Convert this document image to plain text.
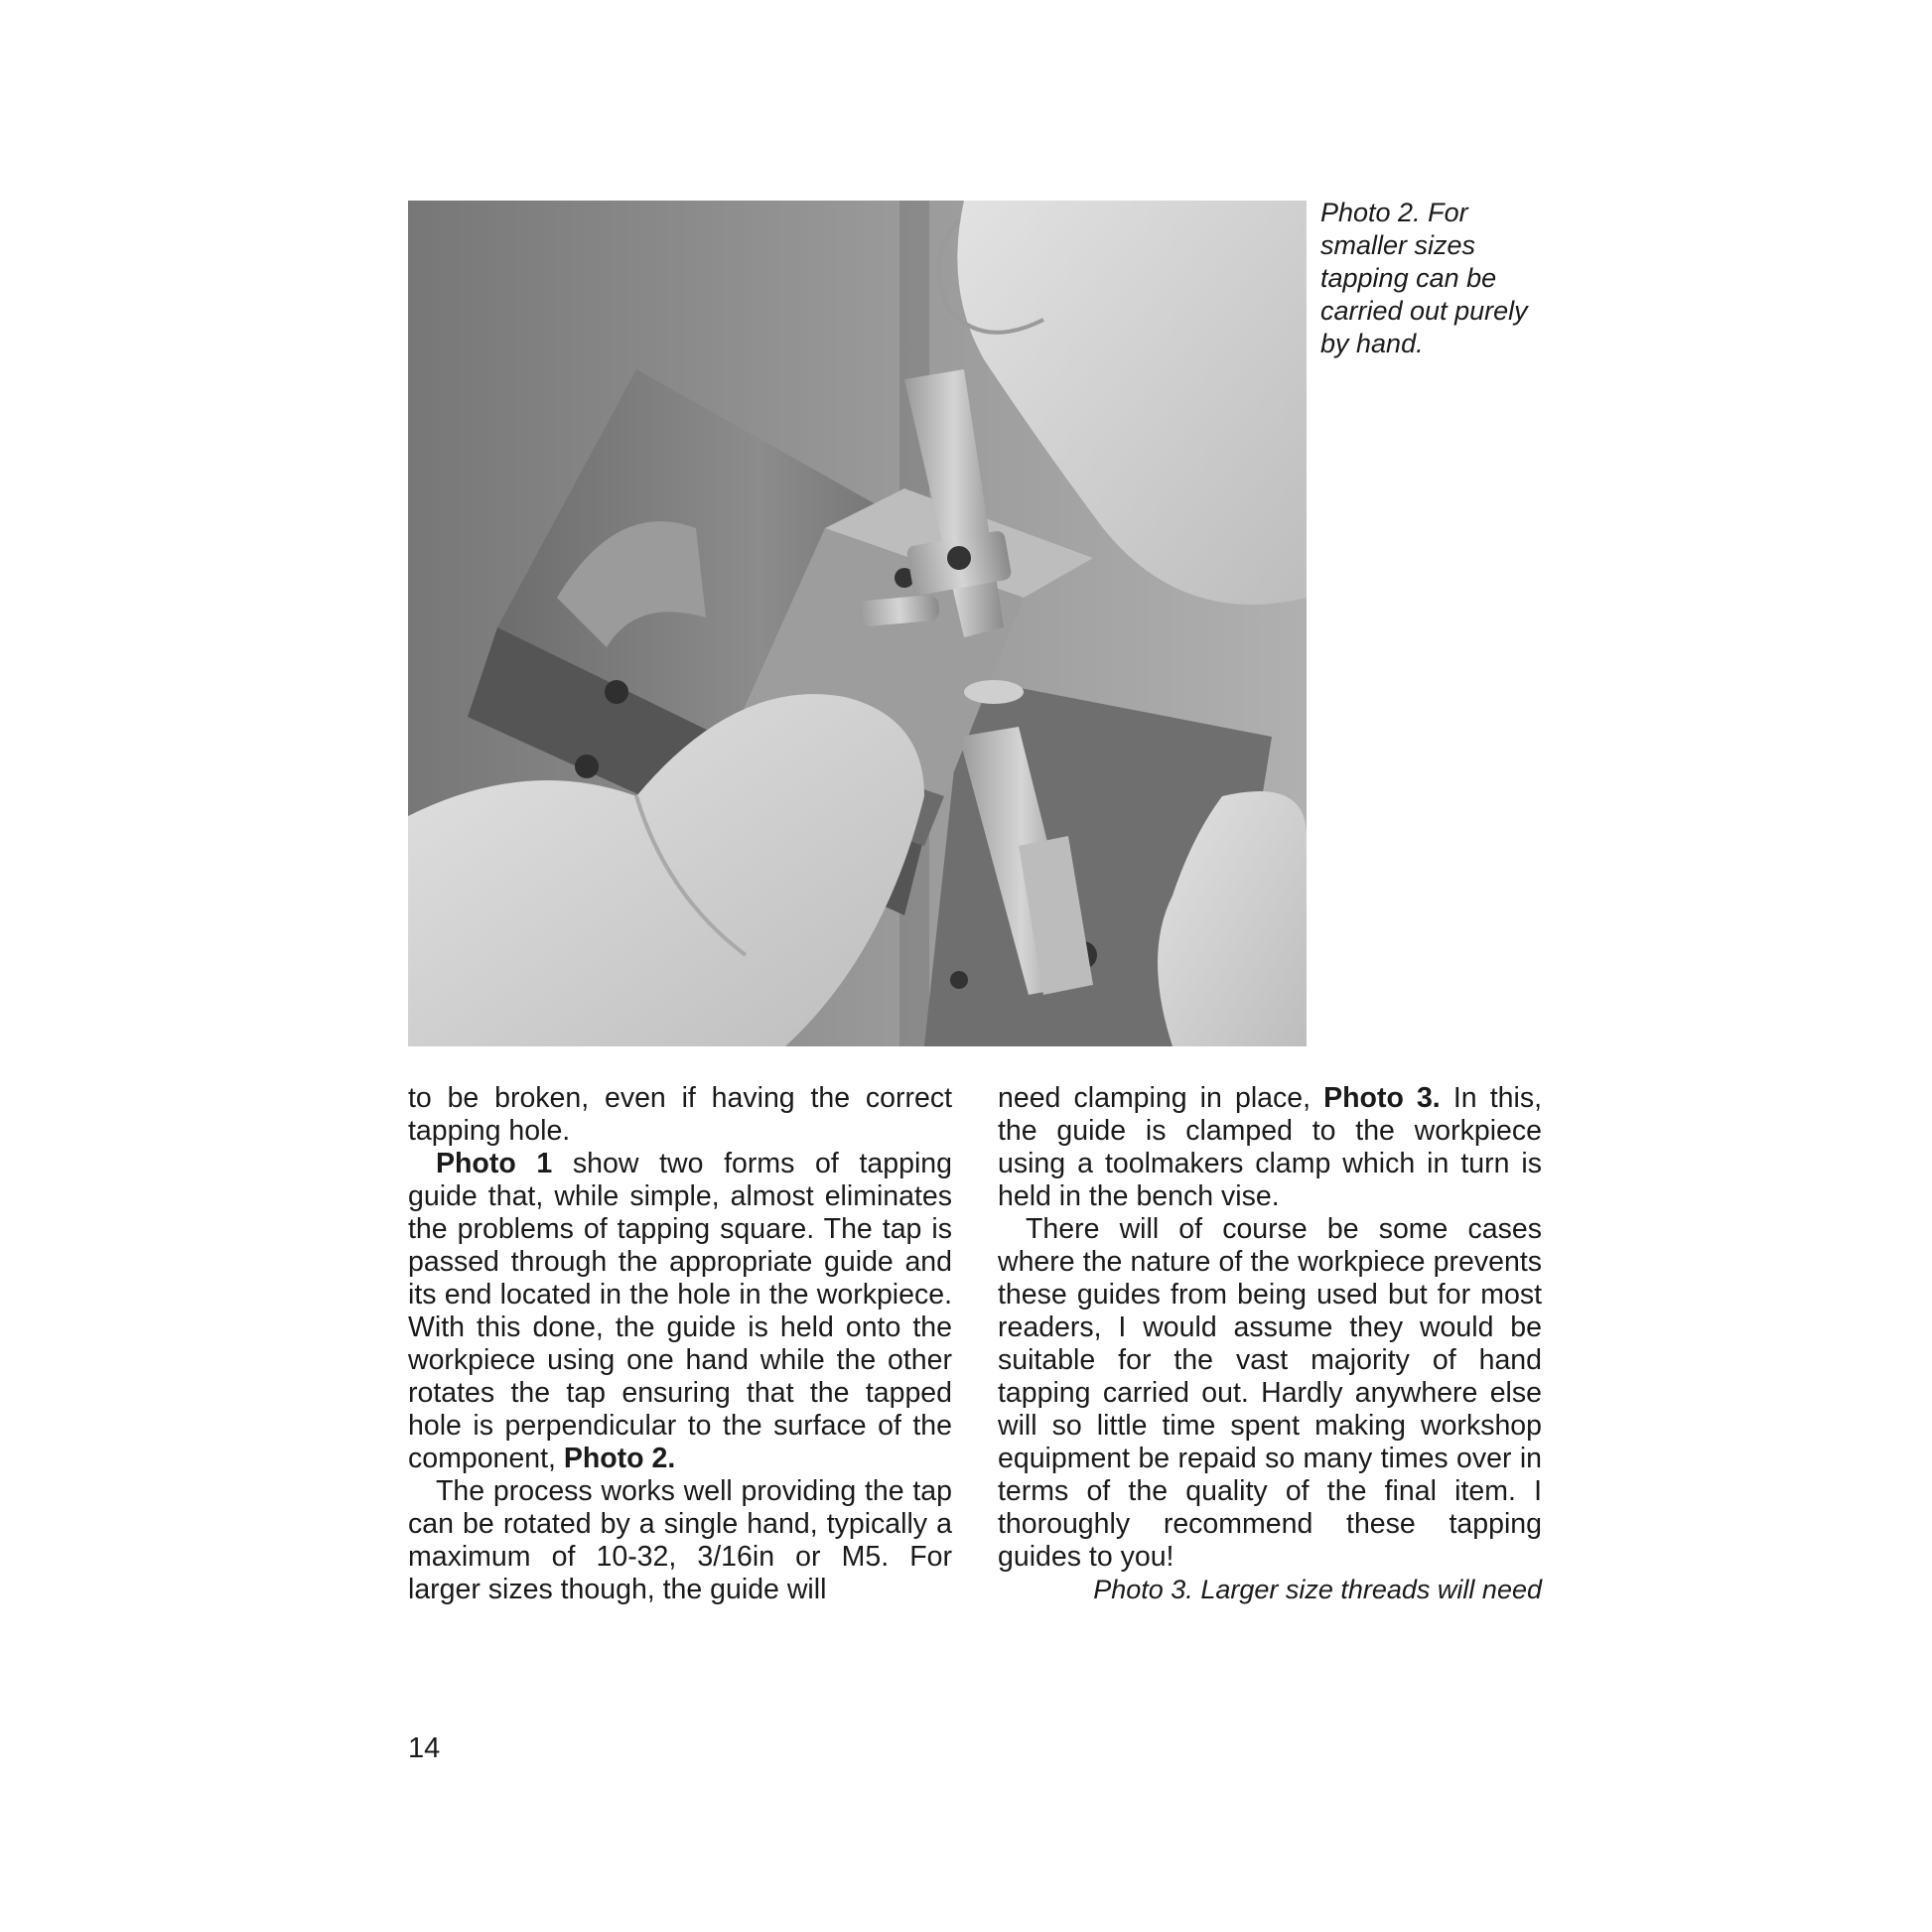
Photo 2. For smaller sizes tapping can be carried out purely by hand.

to be broken, even if having the correct tapping hole.

Photo 1 show two forms of tapping guide that, while simple, almost eliminates the problems of tapping square. The tap is passed through the appropriate guide and its end located in the hole in the workpiece. With this done, the guide is held onto the workpiece using one hand while the other rotates the tap ensuring that the tapped hole is perpendicular to the surface of the component, Photo 2.

The process works well providing the tap can be rotated by a single hand, typically a maximum of 10-32, 3/16in or M5. For larger sizes though, the guide will

need clamping in place, Photo 3. In this, the guide is clamped to the workpiece using a toolmakers clamp which in turn is held in the bench vise.

There will of course be some cases where the nature of the workpiece prevents these guides from being used but for most readers, I would assume they would be suitable for the vast majority of hand tapping carried out. Hardly anywhere else will so little time spent making workshop equipment be repaid so many times over in terms of the quality of the final item. I thoroughly recommend these tapping guides to you!

Photo 3. Larger size threads will need

14
